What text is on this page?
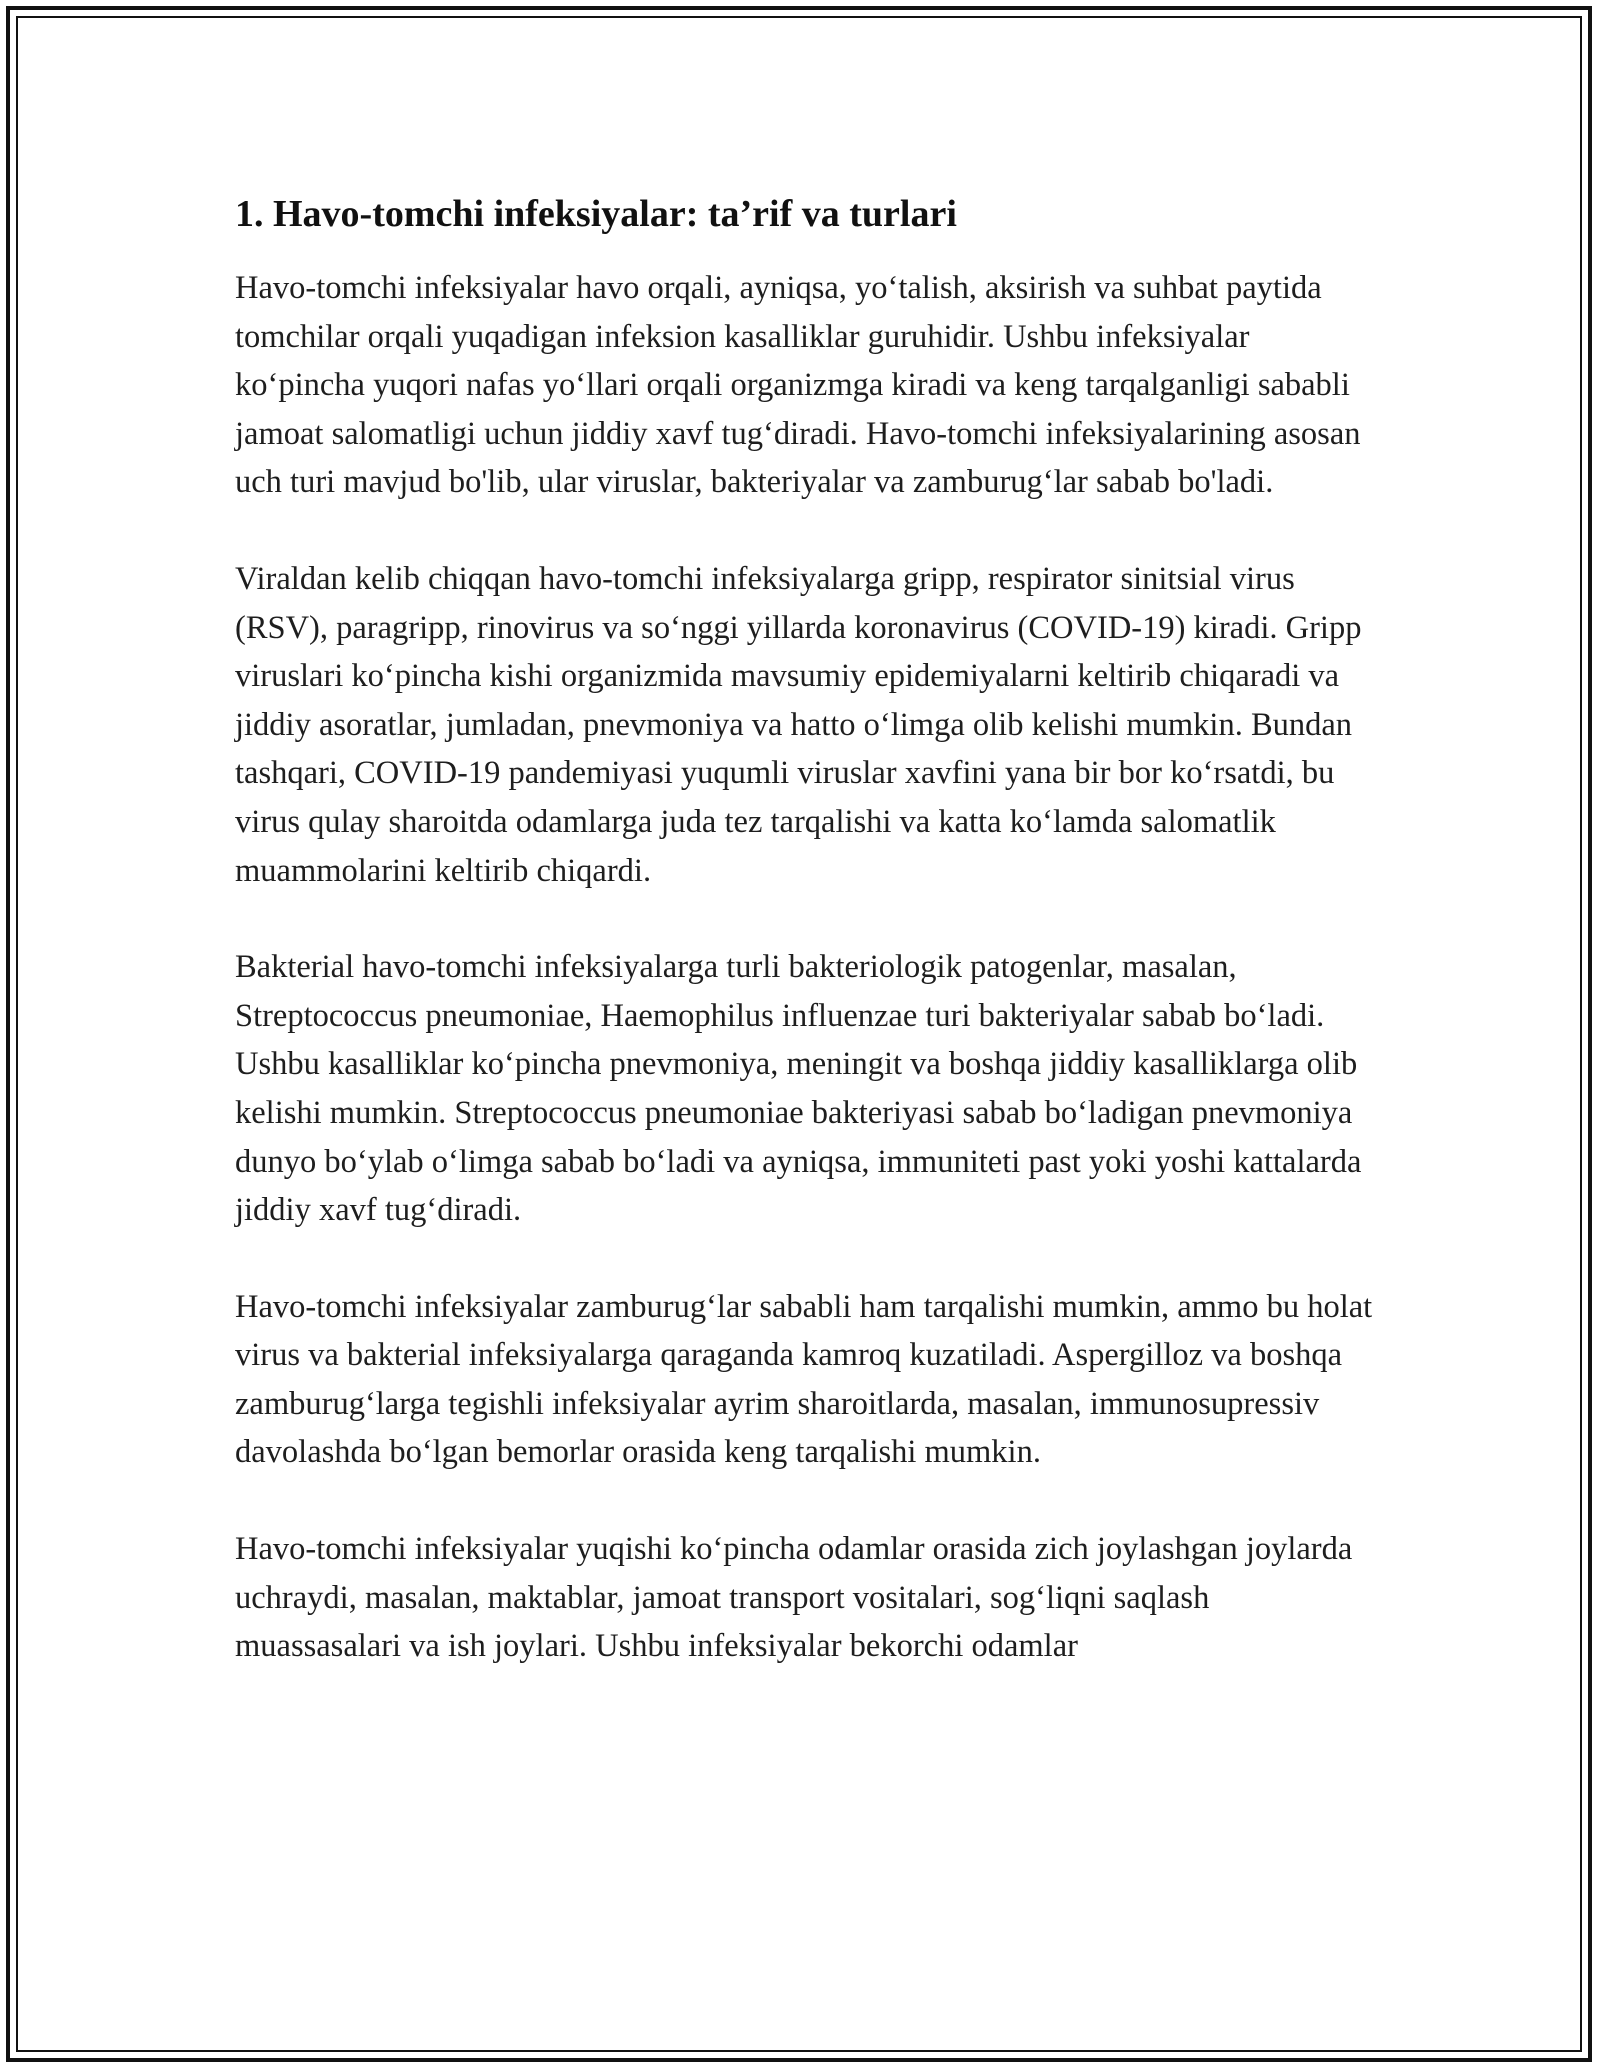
1. Havo-tomchi infeksiyalar: ta’rif va turlari

Havo-tomchi infeksiyalar havo orqali, ayniqsa, yo‘talish, aksirish va suhbat paytida tomchilar orqali yuqadigan infeksion kasalliklar guruhidir. Ushbu infeksiyalar ko‘pincha yuqori nafas yo‘llari orqali organizmga kiradi va keng tarqalganligi sababli jamoat salomatligi uchun jiddiy xavf tug‘diradi. Havo-tomchi infeksiyalarining asosan uch turi mavjud bo'lib, ular viruslar, bakteriyalar va zamburug‘lar sabab bo'ladi.

Viraldan kelib chiqqan havo-tomchi infeksiyalarga gripp, respirator sinitsial virus (RSV), paragripp, rinovirus va so‘nggi yillarda koronavirus (COVID-19) kiradi. Gripp viruslari ko‘pincha kishi organizmida mavsumiy epidemiyalarni keltirib chiqaradi va jiddiy asoratlar, jumladan, pnevmoniya va hatto o‘limga olib kelishi mumkin. Bundan tashqari, COVID-19 pandemiyasi yuqumli viruslar xavfini yana bir bor ko‘rsatdi, bu virus qulay sharoitda odamlarga juda tez tarqalishi va katta ko‘lamda salomatlik muammolarini keltirib chiqardi.

Bakterial havo-tomchi infeksiyalarga turli bakteriologik patogenlar, masalan, Streptococcus pneumoniae, Haemophilus influenzae turi bakteriyalar sabab bo‘ladi. Ushbu kasalliklar ko‘pincha pnevmoniya, meningit va boshqa jiddiy kasalliklarga olib kelishi mumkin. Streptococcus pneumoniae bakteriyasi sabab bo‘ladigan pnevmoniya dunyo bo‘ylab o‘limga sabab bo‘ladi va ayniqsa, immuniteti past yoki yoshi kattalarda jiddiy xavf tug‘diradi.

Havo-tomchi infeksiyalar zamburug‘lar sababli ham tarqalishi mumkin, ammo bu holat virus va bakterial infeksiyalarga qaraganda kamroq kuzatiladi. Aspergilloz va boshqa zamburug‘larga tegishli infeksiyalar ayrim sharoitlarda, masalan, immunosupressiv davolashda bo‘lgan bemorlar orasida keng tarqalishi mumkin.

Havo-tomchi infeksiyalar yuqishi ko‘pincha odamlar orasida zich joylashgan joylarda uchraydi, masalan, maktablar, jamoat transport vositalari, sog‘liqni saqlash muassasalari va ish joylari. Ushbu infeksiyalar bekorchi odamlar
